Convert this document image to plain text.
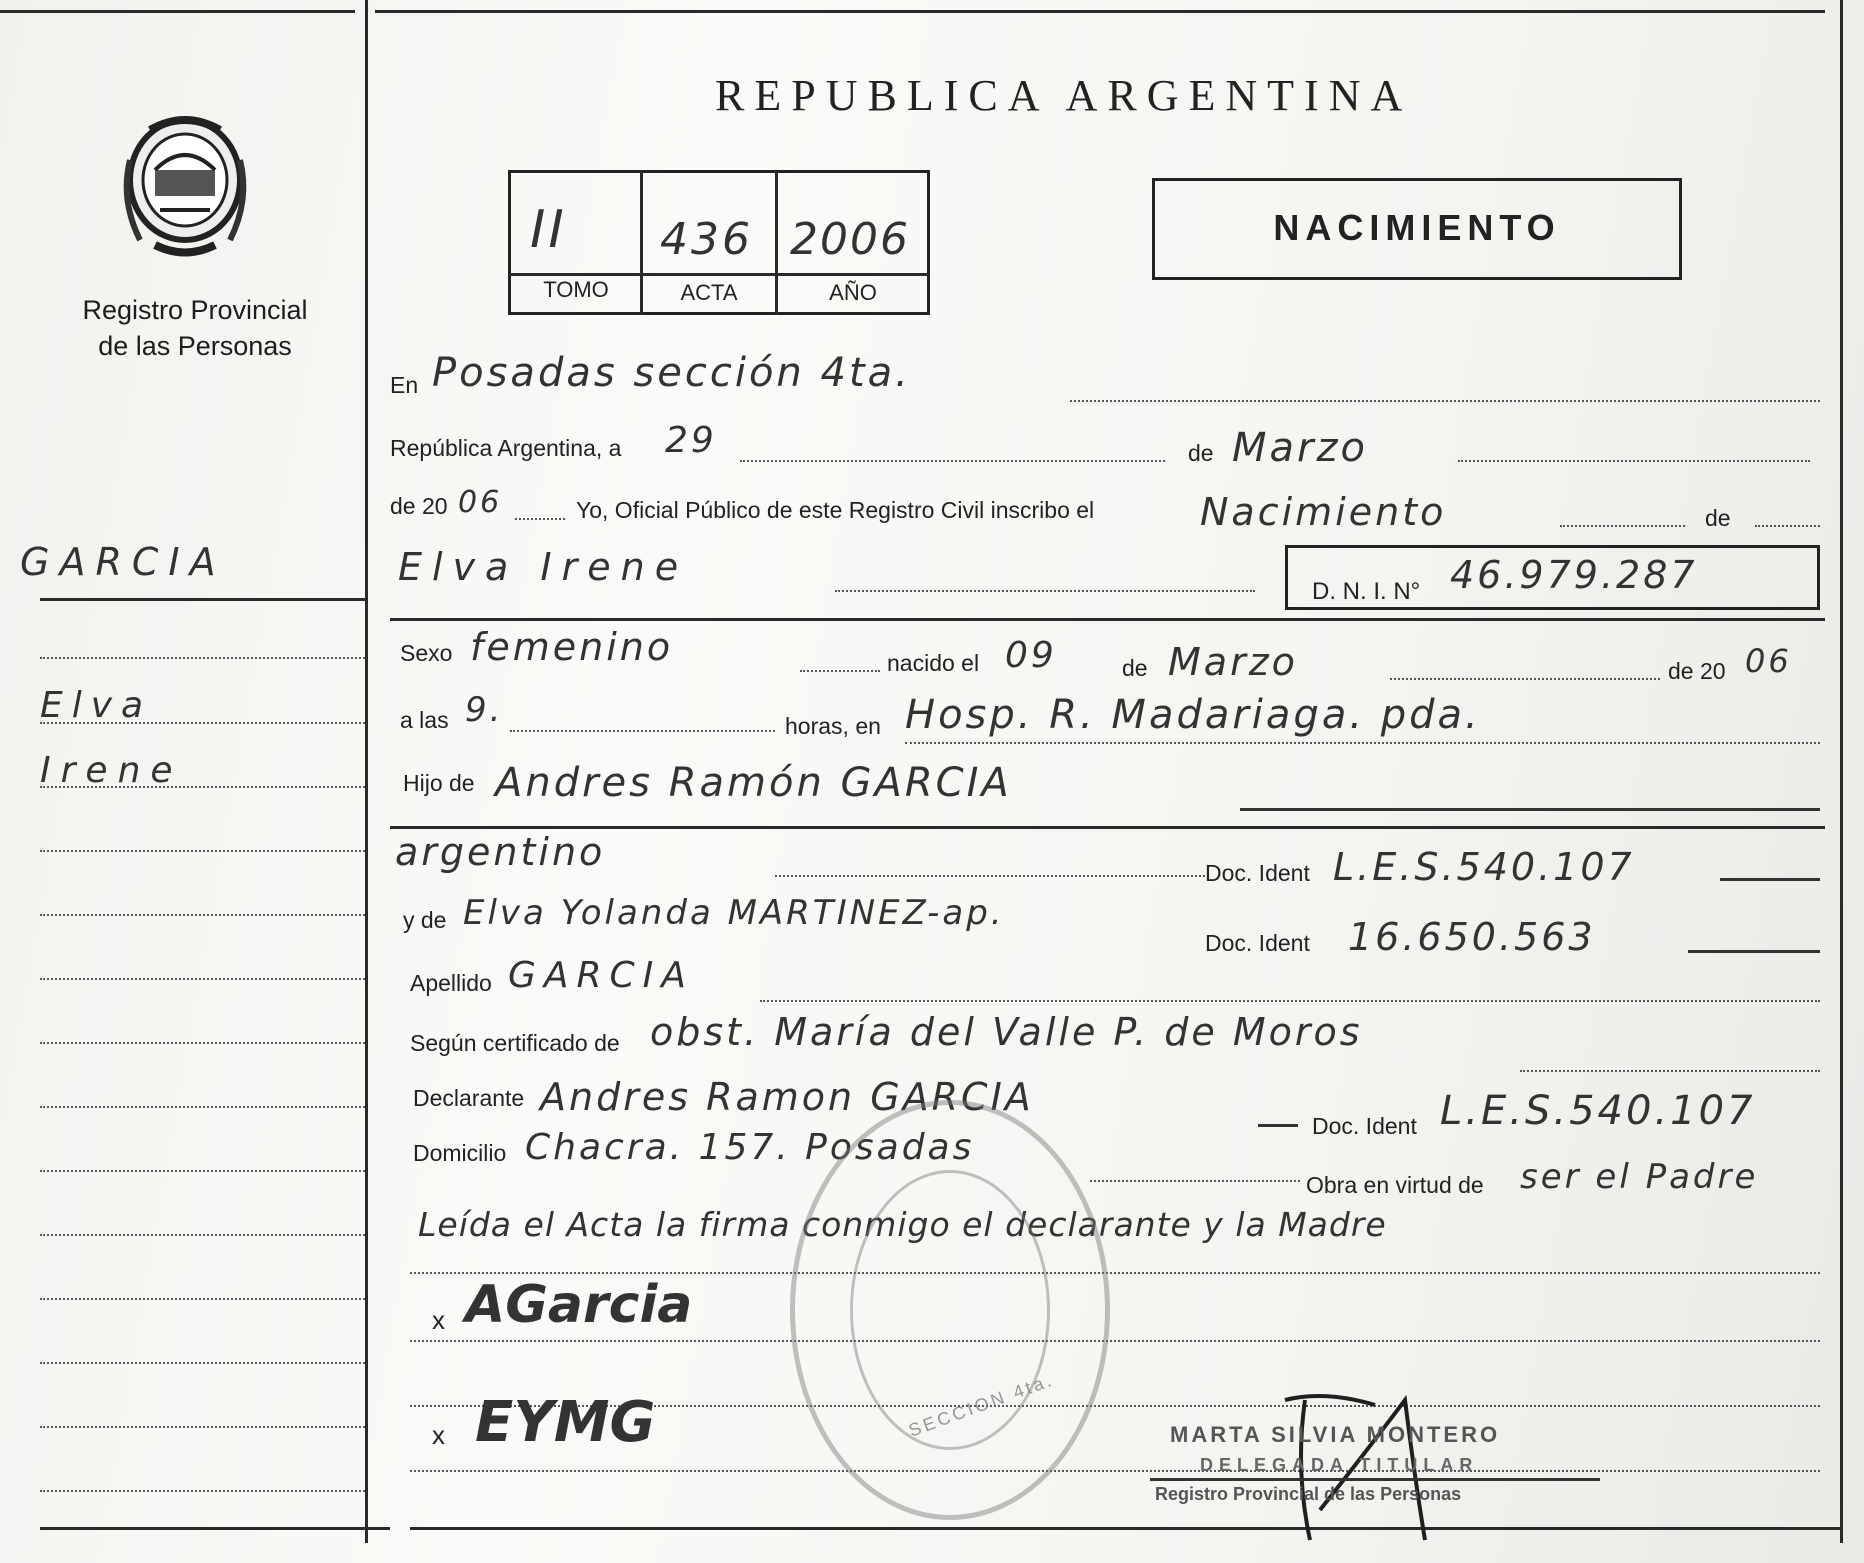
Registro Provincial
de las Personas
GARCIA
Elva
Irene
REPUBLICA ARGENTINA
II 436 2006
TOMO	ACTA	AÑO
NACIMIENTO
En Posadas sección 4ta.
República Argentina, a 29	de Marzo
de 20 06	Yo, Oficial Público de este Registro Civil inscribo el	Nacimiento	de
Elva Irene
D. N. I. N° 46.979.287
Sexo femenino	nacido el 09	de Marzo	de 20 06
a las 9.	horas, en Hosp. R. Madariaga. pda.
Hijo de Andres Ramón GARCIA
argentino	Doc. Ident L.E.S.540.107
y de Elva Yolanda MARTINEZ-ap.
Doc. Ident 16.650.563
Apellido GARCIA
Según certificado de obst. María del Valle P. de Moros
Declarante Andres Ramon GARCIA
Doc. Ident L.E.S.540.107
Domicilio Chacra. 157. Posadas
Obra en virtud de ser el Padre
Leída el Acta la firma conmigo el declarante y la Madre
SECCION 4ta.
x AGarcia
x EYMG	MARTA SILVIA MONTERO
DELEGADA TITULAR
Registro Provincial de las Personas
